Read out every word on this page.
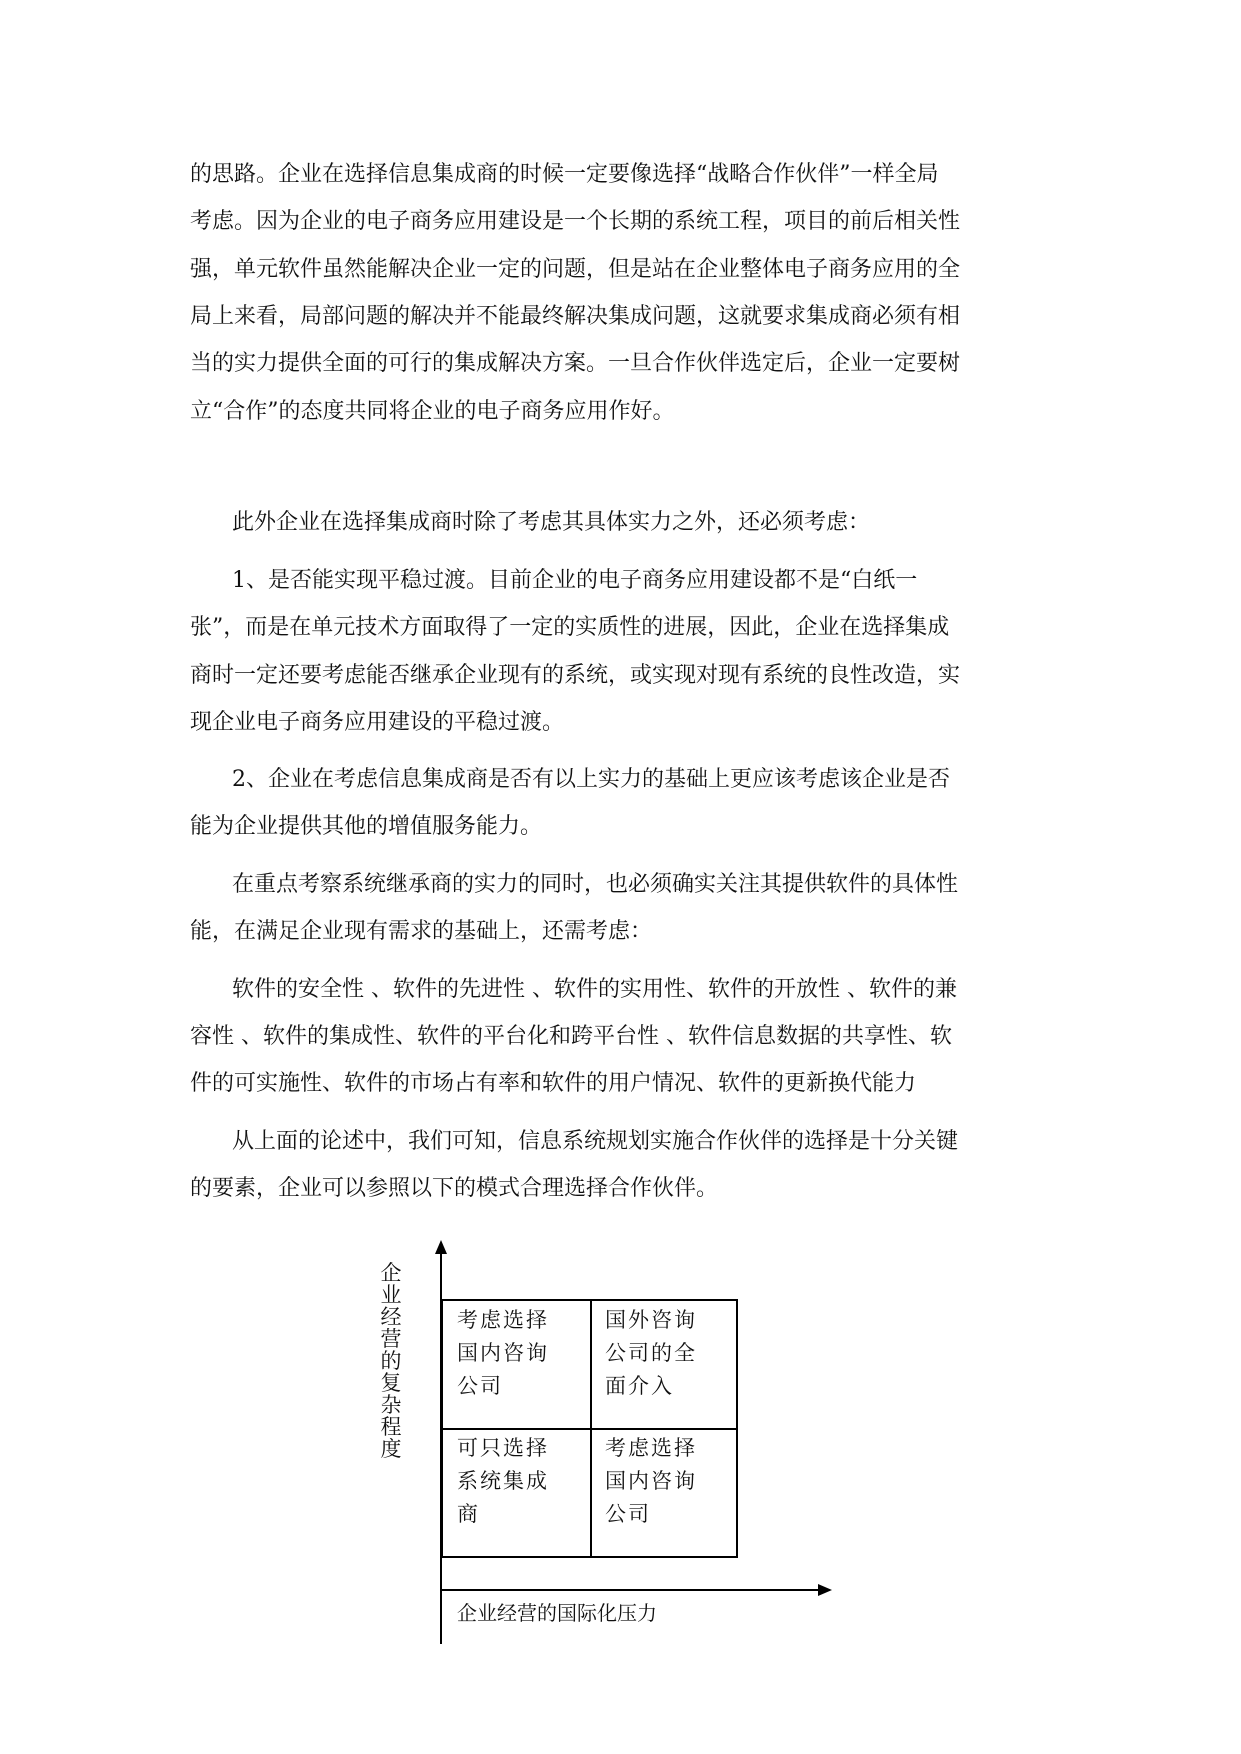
的思路。企业在选择信息集成商的时候一定要像选择“战略合作伙伴”一样全局
考虑。因为企业的电子商务应用建设是一个长期的系统工程，项目的前后相关性
强，单元软件虽然能解决企业一定的问题，但是站在企业整体电子商务应用的全
局上来看，局部问题的解决并不能最终解决集成问题，这就要求集成商必须有相
当的实力提供全面的可行的集成解决方案。一旦合作伙伴选定后，企业一定要树
立“合作”的态度共同将企业的电子商务应用作好。
此外企业在选择集成商时除了考虑其具体实力之外，还必须考虑：
1、是否能实现平稳过渡。目前企业的电子商务应用建设都不是“白纸一
张”，而是在单元技术方面取得了一定的实质性的进展，因此，企业在选择集成
商时一定还要考虑能否继承企业现有的系统，或实现对现有系统的良性改造，实
现企业电子商务应用建设的平稳过渡。
2、企业在考虑信息集成商是否有以上实力的基础上更应该考虑该企业是否
能为企业提供其他的增值服务能力。
在重点考察系统继承商的实力的同时，也必须确实关注其提供软件的具体性
能，在满足企业现有需求的基础上，还需考虑：
软件的安全性 、软件的先进性 、软件的实用性、软件的开放性 、软件的兼
容性 、软件的集成性、软件的平台化和跨平台性 、软件信息数据的共享性、软
件的可实施性、软件的市场占有率和软件的用户情况、软件的更新换代能力
从上面的论述中，我们可知，信息系统规划实施合作伙伴的选择是十分关键
的要素，企业可以参照以下的模式合理选择合作伙伴。
企业经营的复杂程度
企业经营的国际化压力
考虑选择国内咨询公司
国外咨询公司的全面介入
可只选择系统集成商
考虑选择国内咨询公司
